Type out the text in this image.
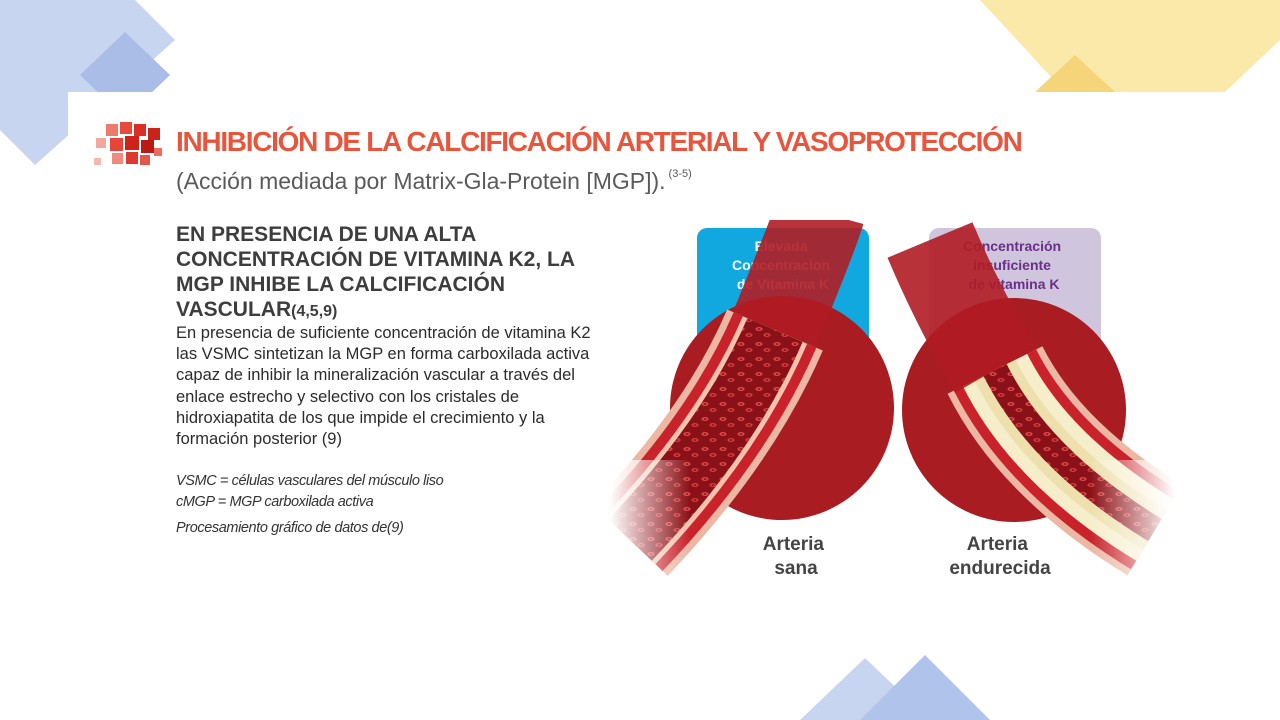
INHIBICIÓN DE LA CALCIFICACIÓN ARTERIAL Y VASOPROTECCIÓN
(Acción mediada por Matrix-Gla-Protein [MGP]). $^{(3-5)}$
EN PRESENCIA DE UNA ALTA CONCENTRACIÓN DE VITAMINA K2, LA MGP INHIBE LA CALCIFICACIÓN VASCULAR(4,5,9)

En presencia de suficiente concentración de vitamina K2 las VSMC sintetizan la MGP en forma carboxilada activa capaz de inhibir la mineralización vascular a través del enlace estrecho y selectivo con los cristales de hidroxiapatita de los que impide el crecimiento y la formación posterior (9)

VSMC = células vasculares del músculo liso
cMGP = MGP carboxilada activa
Procesamiento gráfico de datos de(9)
Elevada Concentracion de Vitamina K
Arteria sana
Concentración insuficiente de vitamina K
Arteria endurecida
